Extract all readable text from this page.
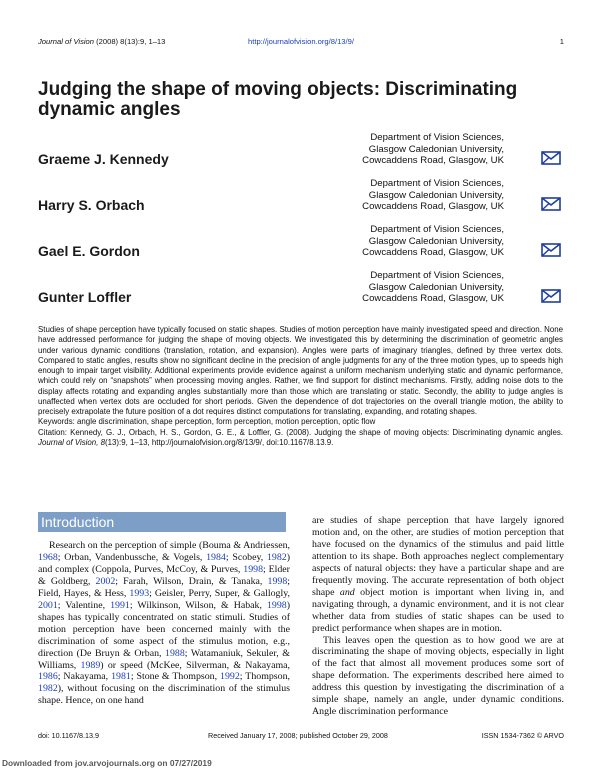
Journal of Vision (2008) 8(13):9, 1–13	http://journalofvision.org/8/13/9/	1
Judging the shape of moving objects: Discriminating dynamic angles
Graeme J. Kennedy
Department of Vision Sciences,
Glasgow Caledonian University,
Cowcaddens Road, Glasgow, UK
Harry S. Orbach
Department of Vision Sciences,
Glasgow Caledonian University,
Cowcaddens Road, Glasgow, UK
Gael E. Gordon
Department of Vision Sciences,
Glasgow Caledonian University,
Cowcaddens Road, Glasgow, UK
Gunter Loffler
Department of Vision Sciences,
Glasgow Caledonian University,
Cowcaddens Road, Glasgow, UK

Studies of shape perception have typically focused on static shapes. Studies of motion perception have mainly investigated speed and direction. None have addressed performance for judging the shape of moving objects. We investigated this by determining the discrimination of geometric angles under various dynamic conditions (translation, rotation, and expansion). Angles were parts of imaginary triangles, defined by three vertex dots. Compared to static angles, results show no significant decline in the precision of angle judgments for any of the three motion types, up to speeds high enough to impair target visibility. Additional experiments provide evidence against a uniform mechanism underlying static and dynamic performance, which could rely on “snapshots” when processing moving angles. Rather, we find support for distinct mechanisms. Firstly, adding noise dots to the display affects rotating and expanding angles substantially more than those which are translating or static. Secondly, the ability to judge angles is unaffected when vertex dots are occluded for short periods. Given the dependence of dot trajectories on the overall triangle motion, the ability to precisely extrapolate the future position of a dot requires distinct computations for translating, expanding, and rotating shapes.

Keywords: angle discrimination, shape perception, form perception, motion perception, optic flow

Citation: Kennedy, G. J., Orbach, H. S., Gordon, G. E., & Loffler, G. (2008). Judging the shape of moving objects: Discriminating dynamic angles. Journal of Vision, 8(13):9, 1–13, http://journalofvision.org/8/13/9/, doi:10.1167/8.13.9.

Introduction

Research on the perception of simple (Bouma & Andriessen, 1968; Orban, Vandenbussche, & Vogels, 1984; Scobey, 1982) and complex (Coppola, Purves, McCoy, & Purves, 1998; Elder & Goldberg, 2002; Farah, Wilson, Drain, & Tanaka, 1998; Field, Hayes, & Hess, 1993; Geisler, Perry, Super, & Gallogly, 2001; Valentine, 1991; Wilkinson, Wilson, & Habak, 1998) shapes has typically concentrated on static stimuli. Studies of motion perception have been concerned mainly with the discrimination of some aspect of the stimulus motion, e.g., direction (De Bruyn & Orban, 1988; Watamaniuk, Sekuler, & Williams, 1989) or speed (McKee, Silverman, & Nakayama, 1986; Nakayama, 1981; Stone & Thompson, 1992; Thompson, 1982), without focusing on the discrimination of the stimulus shape. Hence, on one hand

are studies of shape perception that have largely ignored motion and, on the other, are studies of motion perception that have focused on the dynamics of the stimulus and paid little attention to its shape. Both approaches neglect complementary aspects of natural objects: they have a particular shape and are frequently moving. The accurate representation of both object shape and object motion is important when living in, and navigating through, a dynamic environment, and it is not clear whether data from studies of static shapes can be used to predict performance when shapes are in motion.

This leaves open the question as to how good we are at discriminating the shape of moving objects, especially in light of the fact that almost all movement produces some sort of shape deformation. The experiments described here aimed to address this question by investigating the discrimination of a simple shape, namely an angle, under dynamic conditions. Angle discrimination performance

doi: 10.1167/8.13.9	Received January 17, 2008; published October 29, 2008	ISSN 1534-7362 © ARVO
Downloaded from jov.arvojournals.org on 07/27/2019
